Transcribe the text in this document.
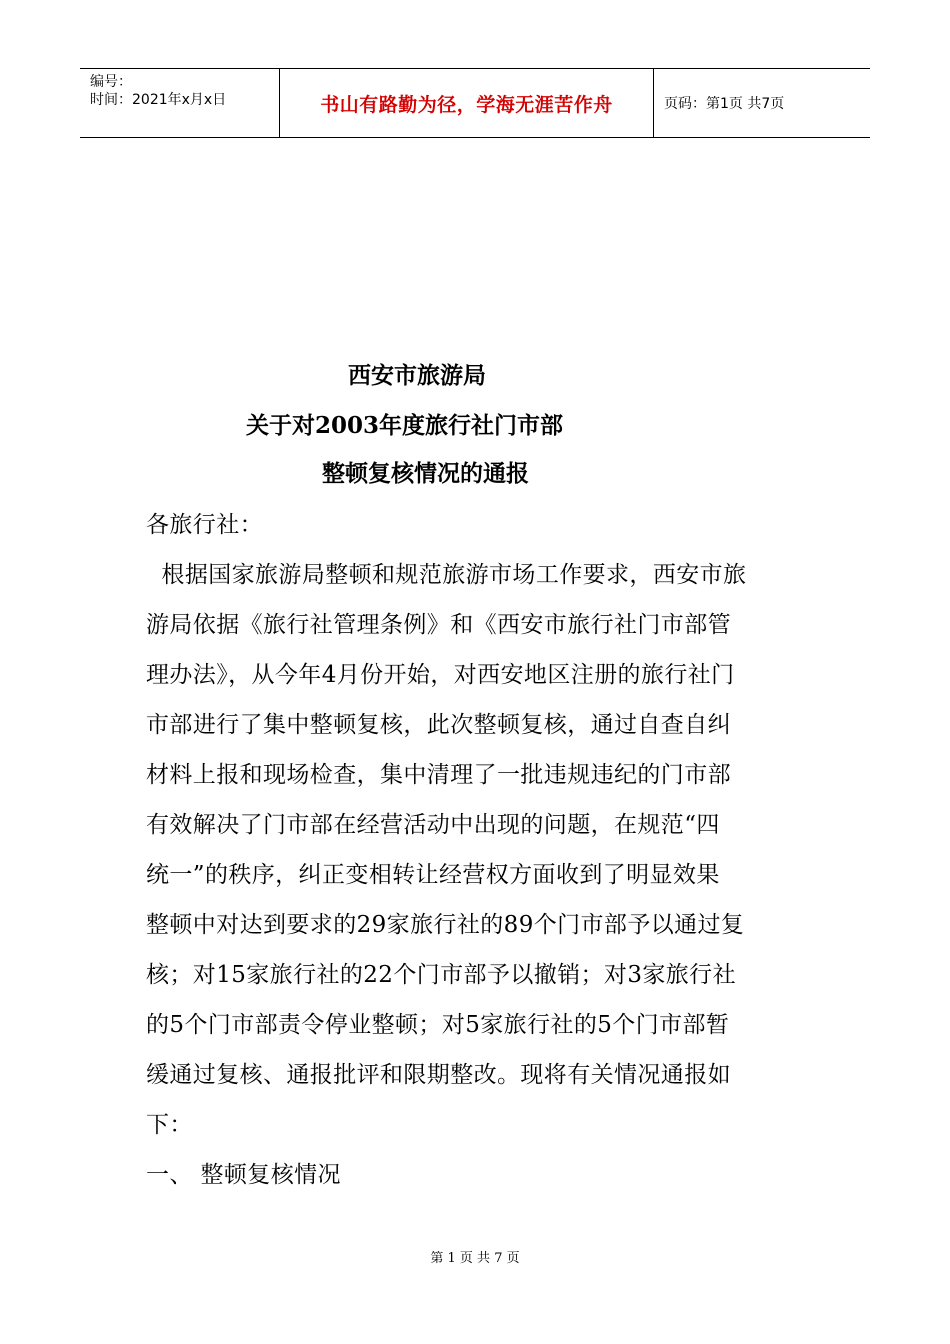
编号：
时间：2021年x月x日	书山有路勤为径，学海无涯苦作舟	页码：第1页 共7页
西安市旅游局
关于对2003年度旅行社门市部
整顿复核情况的通报
各旅行社：
根据国家旅游局整顿和规范旅游市场工作要求，西安市旅
游局依据《旅行社管理条例》和《西安市旅行社门市部管
理办法》，从今年4月份开始，对西安地区注册的旅行社门
市部进行了集中整顿复核，此次整顿复核，通过自查自纠
材料上报和现场检查，集中清理了一批违规违纪的门市部
有效解决了门市部在经营活动中出现的问题，在规范“四
统一”的秩序，纠正变相转让经营权方面收到了明显效果
整顿中对达到要求的29家旅行社的89个门市部予以通过复
核；对15家旅行社的22个门市部予以撤销；对3家旅行社
的5个门市部责令停业整顿；对5家旅行社的5个门市部暂
缓通过复核、通报批评和限期整改。现将有关情况通报如
下：
一、 整顿复核情况
第 1 页 共 7 页
